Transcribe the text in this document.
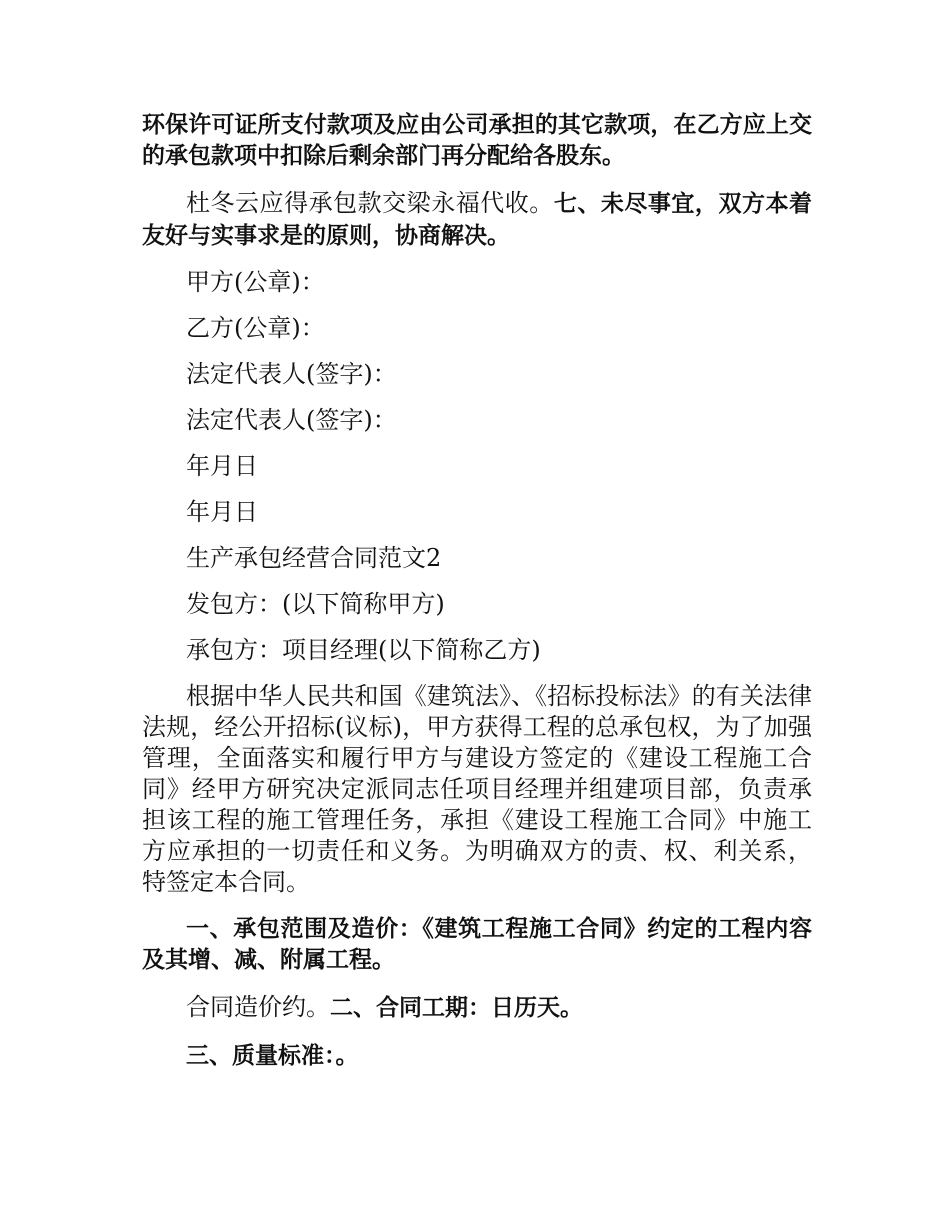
环保许可证所支付款项及应由公司承担的其它款项，在乙方应上交的承包款项中扣除后剩余部门再分配给各股东。

杜冬云应得承包款交梁永福代收。七、未尽事宜，双方本着友好与实事求是的原则，协商解决。

甲方(公章)：

乙方(公章)：

法定代表人(签字)：

法定代表人(签字)：

年月日

年月日

生产承包经营合同范文2

发包方：(以下简称甲方)

承包方：项目经理(以下简称乙方)

根据中华人民共和国《建筑法》、《招标投标法》的有关法律法规，经公开招标(议标)，甲方获得工程的总承包权，为了加强管理，全面落实和履行甲方与建设方签定的《建设工程施工合同》经甲方研究决定派同志任项目经理并组建项目部，负责承担该工程的施工管理任务，承担《建设工程施工合同》中施工方应承担的一切责任和义务。为明确双方的责、权、利关系，特签定本合同。

一、承包范围及造价：《建筑工程施工合同》约定的工程内容及其增、减、附属工程。

合同造价约。二、合同工期：日历天。

三、质量标准：。
